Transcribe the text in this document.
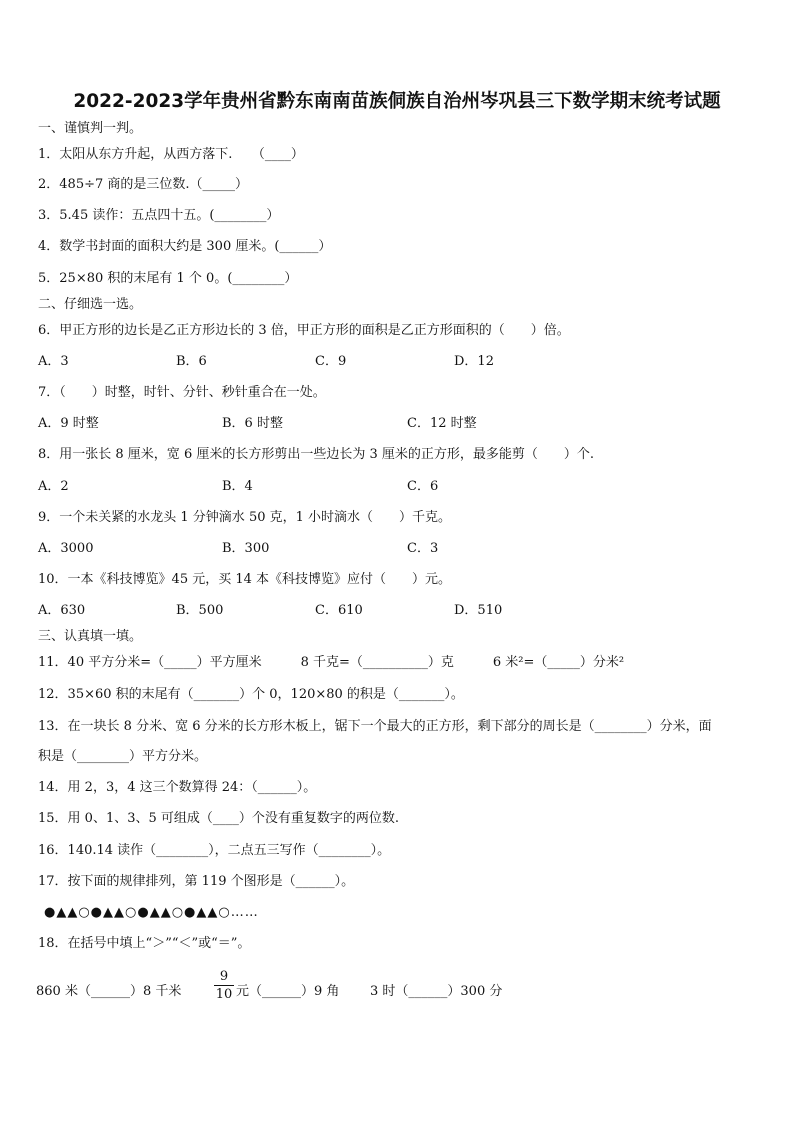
2022-2023学年贵州省黔东南南苗族侗族自治州岑巩县三下数学期末统考试题
一、谨慎判一判。
1．太阳从东方升起，从西方落下.　　（____）
2．485÷7 商的是三位数.（_____）
3．5.45 读作：五点四十五。(________）
4．数学书封面的面积大约是 300 厘米。(______）
5．25×80 积的末尾有 1 个 0。(________）
二、仔细选一选。
6．甲正方形的边长是乙正方形边长的 3 倍，甲正方形的面积是乙正方形面积的（　　）倍。
A．3	B．6	C．9	D．12
7．（　　）时整，时针、分针、秒针重合在一处。
A．9 时整	B．6 时整	C．12 时整
8．用一张长 8 厘米，宽 6 厘米的长方形剪出一些边长为 3 厘米的正方形，最多能剪（　　）个.
A．2	B．4	C．6
9．一个未关紧的水龙头 1 分钟滴水 50 克，1 小时滴水（　　）千克。
A．3000	B．300	C．3
10．一本《科技博览》45 元，买 14 本《科技博览》应付（　　）元。
A．630	B．500	C．610	D．510
三、认真填一填。
11．40 平方分米=（_____）平方厘米　　　8 千克=（__________）克　　　6 米²=（_____）分米²
12．35×60 积的末尾有（_______）个 0，120×80 的积是（_______）。
13．在一块长 8 分米、宽 6 分米的长方形木板上，锯下一个最大的正方形，剩下部分的周长是（________）分米，面
积是（________）平方分米。
14．用 2，3，4 这三个数算得 24：（______）。
15．用 0、1、3、5 可组成（____）个没有重复数字的两位数.
16．140.14 读作（________），二点五三写作（________）。
17．按下面的规律排列，第 119 个图形是（______）。
●▲▲○●▲▲○●▲▲○●▲▲○……
18．在括号中填上“＞”“＜”或“＝”。
860 米（______）8 千米	$\frac{9}{10}$ 元（______）9 角 3 时（______）300 分
